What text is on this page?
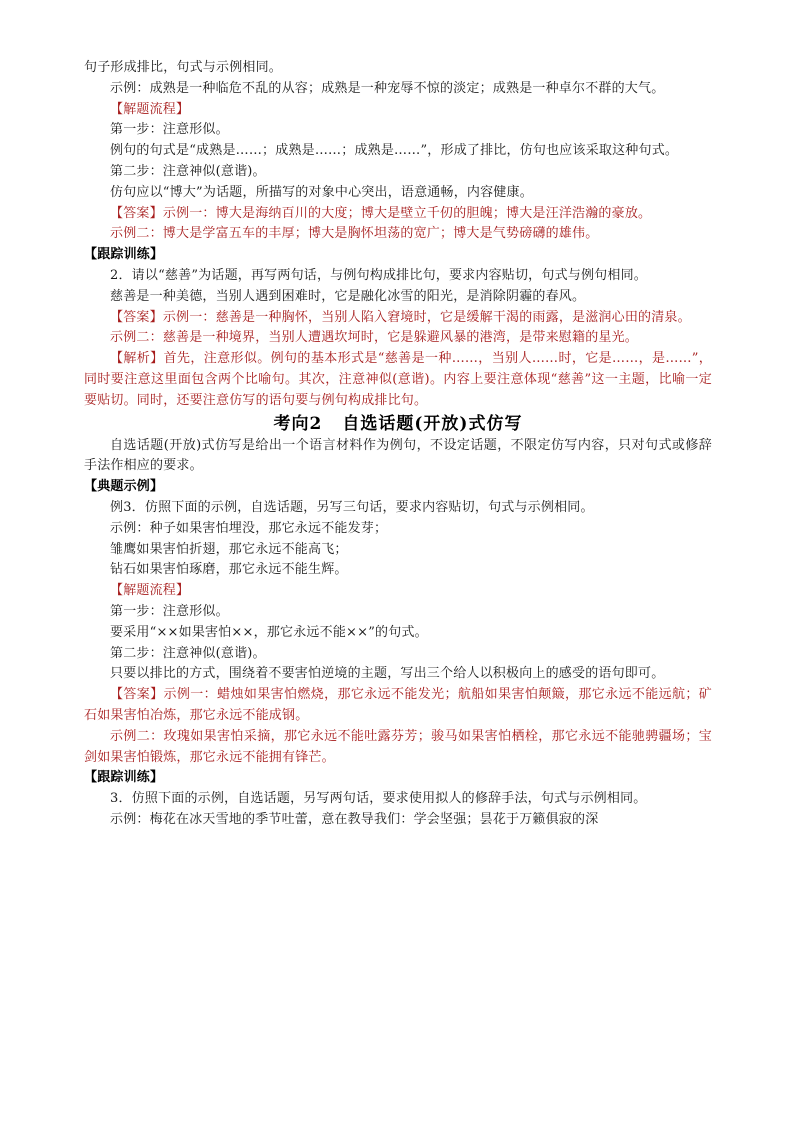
句子形成排比，句式与示例相同。

示例：成熟是一种临危不乱的从容；成熟是一种宠辱不惊的淡定；成熟是一种卓尔不群的大气。

【解题流程】

第一步：注意形似。

例句的句式是“成熟是……；成熟是……；成熟是……”，形成了排比，仿句也应该采取这种句式。

第二步：注意神似(意谐)。

仿句应以“博大”为话题，所描写的对象中心突出，语意通畅，内容健康。

【答案】示例一：博大是海纳百川的大度；博大是壁立千仞的胆魄；博大是汪洋浩瀚的豪放。

示例二：博大是学富五车的丰厚；博大是胸怀坦荡的宽广；博大是气势磅礴的雄伟。

【跟踪训练】

2．请以“慈善”为话题，再写两句话，与例句构成排比句，要求内容贴切，句式与例句相同。

慈善是一种美德，当别人遇到困难时，它是融化冰雪的阳光，是消除阴霾的春风。

【答案】示例一：慈善是一种胸怀，当别人陷入窘境时，它是缓解干渴的雨露，是滋润心田的清泉。

示例二：慈善是一种境界，当别人遭遇坎坷时，它是躲避风暴的港湾，是带来慰籍的星光。

【解析】首先，注意形似。例句的基本形式是“慈善是一种……，当别人……时，它是……，是……”，同时要注意这里面包含两个比喻句。其次，注意神似(意谐)。内容上要注意体现“慈善”这一主题，比喻一定要贴切。同时，还要注意仿写的语句要与例句构成排比句。

考向2 自选话题(开放)式仿写

自选话题(开放)式仿写是给出一个语言材料作为例句，不设定话题，不限定仿写内容，只对句式或修辞手法作相应的要求。

【典题示例】

例3．仿照下面的示例，自选话题，另写三句话，要求内容贴切，句式与示例相同。

示例：种子如果害怕埋没，那它永远不能发芽；

雏鹰如果害怕折翅，那它永远不能高飞；

钻石如果害怕琢磨，那它永远不能生辉。

【解题流程】

第一步：注意形似。

要采用“××如果害怕××，那它永远不能××”的句式。

第二步：注意神似(意谐)。

只要以排比的方式，围绕着不要害怕逆境的主题，写出三个给人以积极向上的感受的语句即可。

【答案】示例一：蜡烛如果害怕燃烧，那它永远不能发光；航船如果害怕颠簸，那它永远不能远航；矿石如果害怕冶炼，那它永远不能成钢。

示例二：玫瑰如果害怕采摘，那它永远不能吐露芬芳；骏马如果害怕栖栓，那它永远不能驰骋疆场；宝剑如果害怕锻炼，那它永远不能拥有锋芒。

【跟踪训练】

3．仿照下面的示例，自选话题，另写两句话，要求使用拟人的修辞手法，句式与示例相同。

示例：梅花在冰天雪地的季节吐蕾，意在教导我们：学会坚强；昙花于万籁俱寂的深
